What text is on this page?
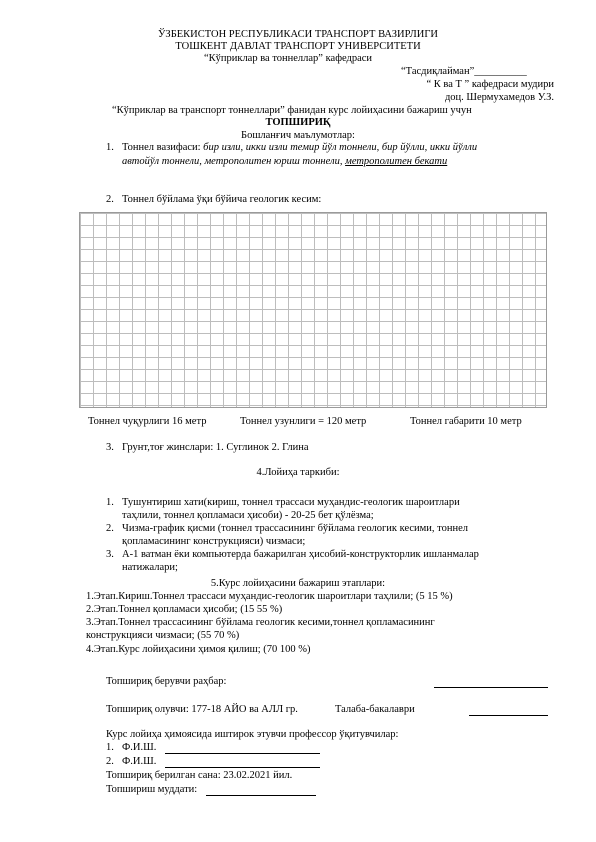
ЎЗБЕКИСТОН РЕСПУБЛИКАСИ ТРАНСПОРТ ВАЗИРЛИГИ
ТОШКЕНТ ДАВЛАТ ТРАНСПОРТ УНИВЕРСИТЕТИ
“Кўприклар ва тоннеллар” кафедраси
“Тасдиқлайман”__________
“ К ва Т ” кафедраси мудири
доц. Шермухамедов У.З.
“Кўприклар ва транспорт тоннеллари” фанидан курс лойиҳасини бажариш учун
ТОПШИРИҚ
Бошланғич маълумотлар:
1. Тоннел вазифаси: бир изли, икки изли темир йўл тоннели, бир йўлли, икки йўлли
автойўл тоннели, метрополитен юриш тоннели, метрополитен бекати
2. Тоннел бўйлама ўқи бўйича геологик кесим:
Тоннел чуқурлиги 16 метр	Тоннел узунлиги = 120 метр	Тоннел габарити 10 метр
3. Грунт,тоғ жинслари: 1. Суглинок 2. Глина
4.Лойиҳа таркиби:
1. Тушунтириш хати(кириш, тоннел трассаси муҳандис-геологик шароитлари
таҳлили, тоннел қопламаси ҳисоби) - 20-25 бет қўлёзма;
2. Чизма-график қисми (тоннел трассасининг бўйлама геологик кесими, тоннел
қопламасининг конструкцияси) чизмаси;
3. А-1 ватман ёки компьютерда бажарилган ҳисобий-конструкторлик ишланмалар
натижалари;
5.Курс лойиҳасини бажариш этаплари:
1.Этап.Кириш.Тоннел трассаси муҳандис-геологик шароитлари таҳлили; (5 15 %)
2.Этап.Тоннел қопламаси ҳисоби; (15 55 %)
3.Этап.Тоннел трассасининг бўйлама геологик кесими,тоннел қопламасининг
конструкцияси чизмаси; (55 70 %)
4.Этап.Курс лойиҳасини ҳимоя қилиш; (70 100 %)
Топшириқ берувчи раҳбар:
Топшириқ олувчи: 177-18 АЙО ва АЛЛ гр.	Талаба-бакалаври
Курс лойиҳа ҳимоясида иштирок этувчи профессор ўқитувчилар:
1. Ф.И.Ш.
2. Ф.И.Ш.
Топшириқ берилган сана: 23.02.2021 йил.
Топшириш муддати:
